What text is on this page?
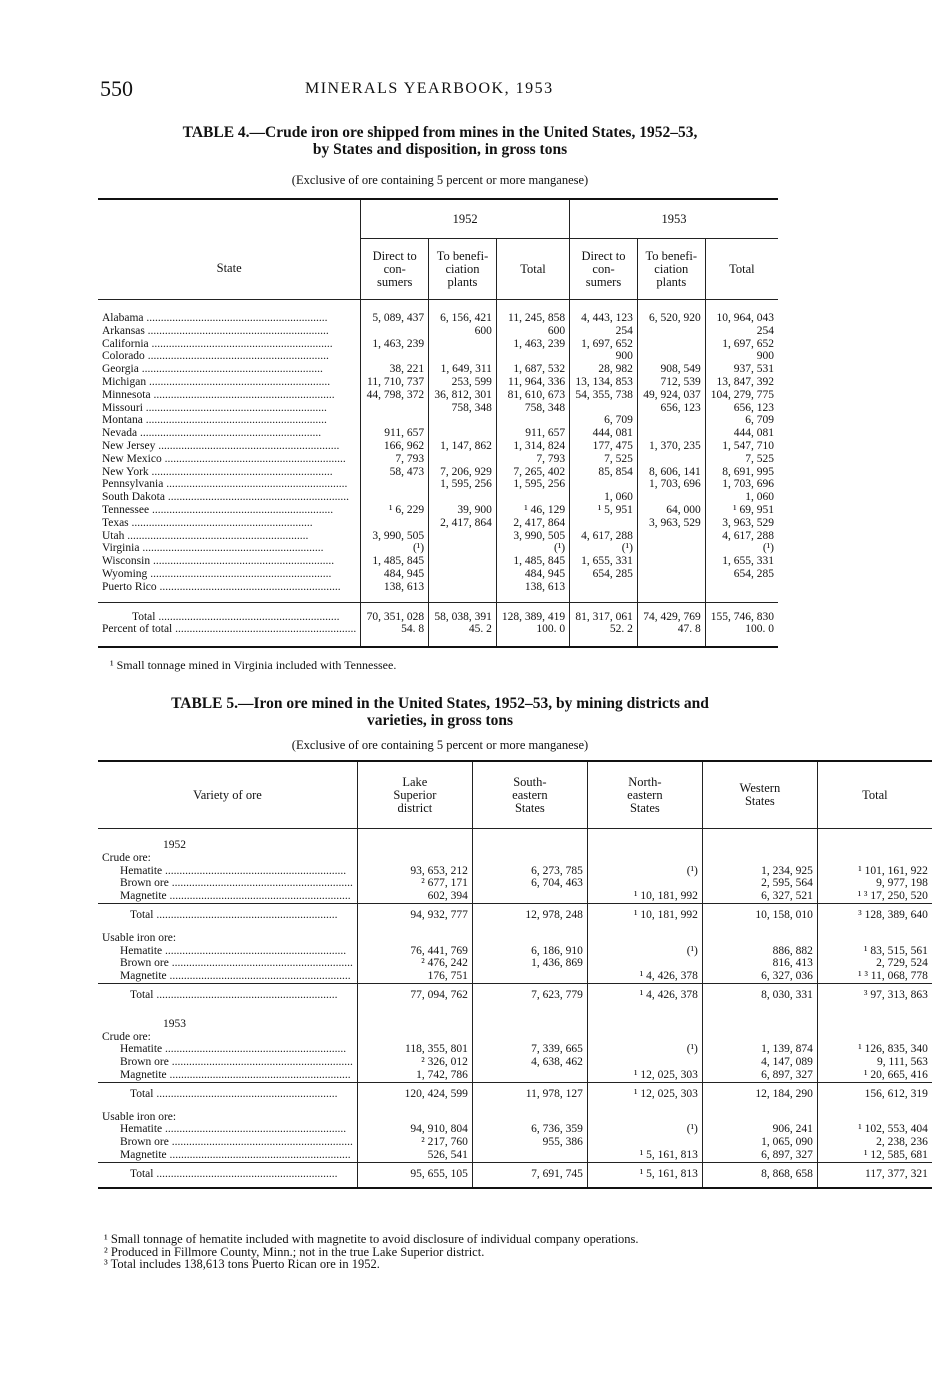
550	MINERALS YEARBOOK, 1953
TABLE 4.—Crude iron ore shipped from mines in the United States, 1952–53,
by States and disposition, in gross tons
(Exclusive of ore containing 5 percent or more manganese)
State	1952			1953		
	Direct to
con-
sumers	To benefi-
ciation
plants	Total	Direct to
con-
sumers	To benefi-
ciation
plants	Total
Alabama .....	5, 089, 437	6, 156, 421	11, 245, 858	4, 443, 123	6, 520, 920	10, 964, 043
Arkansas .....		600	600	254		254
California .....	1, 463, 239		1, 463, 239	1, 697, 652		1, 697, 652
Colorado .....				900		900
Georgia .....	38, 221	1, 649, 311	1, 687, 532	28, 982	908, 549	937, 531
Michigan .....	11, 710, 737	253, 599	11, 964, 336	13, 134, 853	712, 539	13, 847, 392
Minnesota .....	44, 798, 372	36, 812, 301	81, 610, 673	54, 355, 738	49, 924, 037	104, 279, 775
Missouri .....		758, 348	758, 348		656, 123	656, 123
Montana .....				6, 709		6, 709
Nevada .....	911, 657		911, 657	444, 081		444, 081
New Jersey .....	166, 962	1, 147, 862	1, 314, 824	177, 475	1, 370, 235	1, 547, 710
New Mexico .....	7, 793		7, 793	7, 525		7, 525
New York .....	58, 473	7, 206, 929	7, 265, 402	85, 854	8, 606, 141	8, 691, 995
Pennsylvania .....		1, 595, 256	1, 595, 256		1, 703, 696	1, 703, 696
South Dakota .....				1, 060		1, 060
Tennessee .....	¹ 6, 229	39, 900	¹ 46, 129	¹ 5, 951	64, 000	¹ 69, 951
Texas .....		2, 417, 864	2, 417, 864		3, 963, 529	3, 963, 529
Utah .....	3, 990, 505		3, 990, 505	4, 617, 288		4, 617, 288
Virginia .....	(¹)		(¹)	(¹)		(¹)
Wisconsin .....	1, 485, 845		1, 485, 845	1, 655, 331		1, 655, 331
Wyoming .....	484, 945		484, 945	654, 285		654, 285
Puerto Rico .....	138, 613		138, 613			
Total .....	70, 351, 028	58, 038, 391	128, 389, 419	81, 317, 061	74, 429, 769	155, 746, 830
Percent of total .....	54. 8	45. 2	100. 0	52. 2	47. 8	100. 0
¹ Small tonnage mined in Virginia included with Tennessee.
TABLE 5.—Iron ore mined in the United States, 1952–53, by mining districts and
varieties, in gross tons
(Exclusive of ore containing 5 percent or more manganese)
Variety of ore	Lake
Superior
district	South-
eastern
States	North-
eastern
States	Western
States	Total
1952					
Crude ore:					
Hematite .....	93, 653, 212	6, 273, 785	(¹)	1, 234, 925	¹ 101, 161, 922
Brown ore .....	² 677, 171	6, 704, 463		2, 595, 564	9, 977, 198
Magnetite .....	602, 394		¹ 10, 181, 992	6, 327, 521	¹ ³ 17, 250, 520
Total .....	94, 932, 777	12, 978, 248	¹ 10, 181, 992	10, 158, 010	³ 128, 389, 640
Usable iron ore:					
Hematite .....	76, 441, 769	6, 186, 910	(¹)	886, 882	¹ 83, 515, 561
Brown ore .....	² 476, 242	1, 436, 869		816, 413	2, 729, 524
Magnetite .....	176, 751		¹ 4, 426, 378	6, 327, 036	¹ ³ 11, 068, 778
Total .....	77, 094, 762	7, 623, 779	¹ 4, 426, 378	8, 030, 331	³ 97, 313, 863
1953					
Crude ore:					
Hematite .....	118, 355, 801	7, 339, 665	(¹)	1, 139, 874	¹ 126, 835, 340
Brown ore .....	² 326, 012	4, 638, 462		4, 147, 089	9, 111, 563
Magnetite .....	1, 742, 786		¹ 12, 025, 303	6, 897, 327	¹ 20, 665, 416
Total .....	120, 424, 599	11, 978, 127	¹ 12, 025, 303	12, 184, 290	156, 612, 319
Usable iron ore:					
Hematite .....	94, 910, 804	6, 736, 359	(¹)	906, 241	¹ 102, 553, 404
Brown ore .....	² 217, 760	955, 386		1, 065, 090	2, 238, 236
Magnetite .....	526, 541		¹ 5, 161, 813	6, 897, 327	¹ 12, 585, 681
Total .....	95, 655, 105	7, 691, 745	¹ 5, 161, 813	8, 868, 658	117, 377, 321
¹ Small tonnage of hematite included with magnetite to avoid disclosure of individual company operations.
² Produced in Fillmore County, Minn.; not in the true Lake Superior district.
³ Total includes 138,613 tons Puerto Rican ore in 1952.
